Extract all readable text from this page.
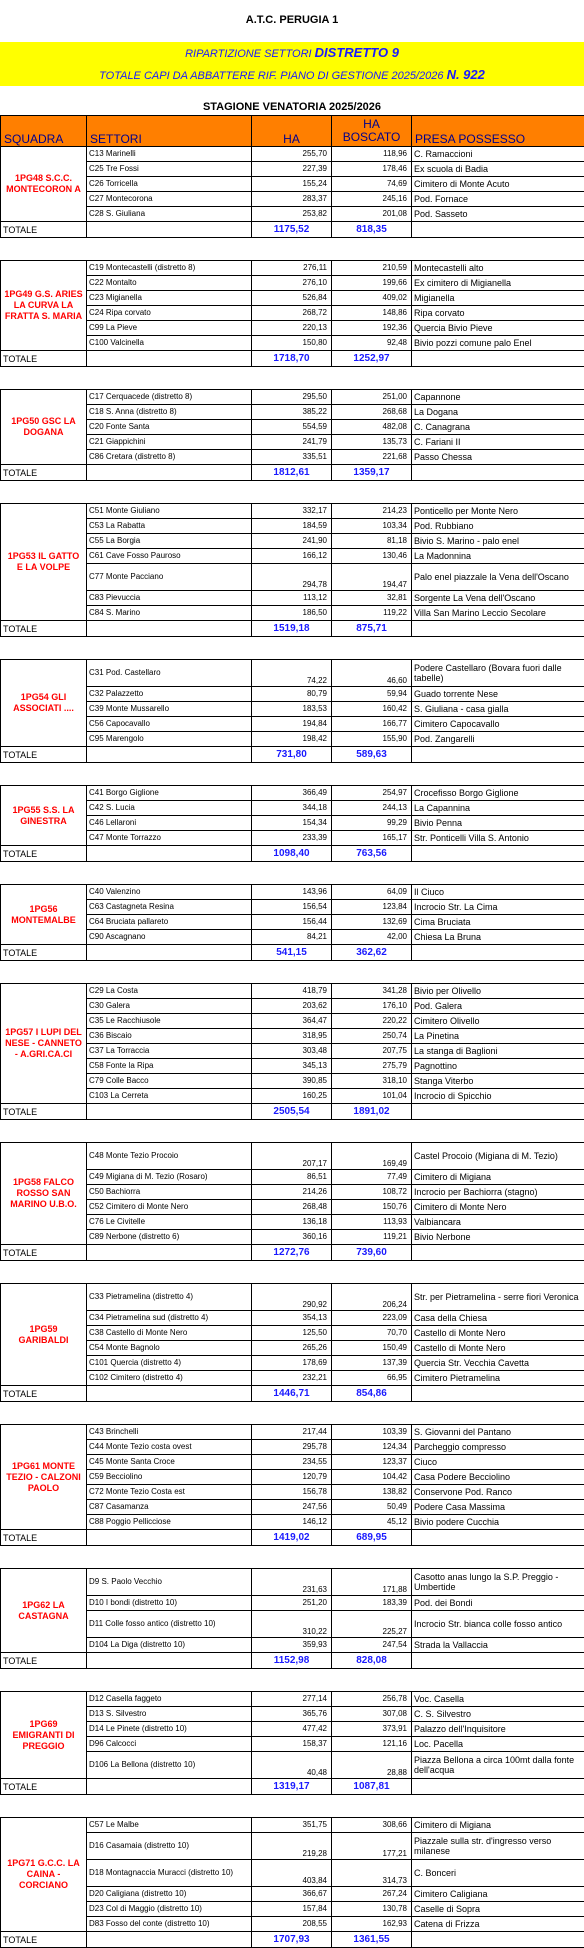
A.T.C. PERUGIA 1
RIPARTIZIONE SETTORI DISTRETTO 9
TOTALE CAPI DA ABBATTERE RIF. PIANO DI GESTIONE 2025/2026 N. 922
STAGIONE VENATORIA 2025/2026
SQUADRA	SETTORI	HA	HA BOSCATO	PRESA POSSESSO
1PG48 S.C.C. MONTECORON A	C13 Marinelli	255,70	118,96	C. Ramaccioni
	C25 Tre Fossi	227,39	178,46	Ex scuola di Badia
	C26 Torricella	155,24	74,69	Cimitero di Monte Acuto
	C27 Montecorona	283,37	245,16	Pod. Fornace
	C28 S. Giuliana	253,82	201,08	Pod. Sasseto
TOTALE		1175,52	818,35	

1PG49 G.S. ARIES LA CURVA LA FRATTA S. MARIA	C19 Montecastelli (distretto 8)	276,11	210,59	Montecastelli alto
	C22 Montalto	276,10	199,66	Ex cimitero di Migianella
	C23 Migianella	526,84	409,02	Migianella
	C24 Ripa corvato	268,72	148,86	Ripa corvato
	C99 La Pieve	220,13	192,36	Quercia Bivio Pieve
	C100 Valcinella	150,80	92,48	Bivio pozzi comune palo Enel
TOTALE		1718,70	1252,97	

1PG50 GSC LA DOGANA	C17 Cerquacede (distretto 8)	295,50	251,00	Capannone
	C18 S. Anna (distretto 8)	385,22	268,68	La Dogana
	C20 Fonte Santa	554,59	482,08	C. Canagrana
	C21 Giappichini	241,79	135,73	C. Fariani II
	C86 Cretara (distretto 8)	335,51	221,68	Passo Chessa
TOTALE		1812,61	1359,17	

1PG53 IL GATTO E LA VOLPE	C51 Monte Giuliano	332,17	214,23	Ponticello per Monte Nero
	C53 La Rabatta	184,59	103,34	Pod. Rubbiano
	C55 La Borgia	241,90	81,18	Bivio S. Marino - palo enel
	C61 Cave Fosso Pauroso	166,12	130,46	La Madonnina
	C77 Monte Pacciano	294,78	194,47	Palo enel piazzale la Vena dell'Oscano
	C83 Pievuccia	113,12	32,81	Sorgente La Vena dell'Oscano
	C84 S. Marino	186,50	119,22	Villa San Marino Leccio Secolare
TOTALE		1519,18	875,71	

1PG54 GLI ASSOCIATI ....	C31 Pod. Castellaro	74,22	46,60	Podere Castellaro (Bovara fuori dalle tabelle)
	C32 Palazzetto	80,79	59,94	Guado torrente Nese
	C39 Monte Mussarello	183,53	160,42	S. Giuliana - casa gialla
	C56 Capocavallo	194,84	166,77	Cimitero Capocavallo
	C95 Marengolo	198,42	155,90	Pod. Zangarelli
TOTALE		731,80	589,63	

1PG55 S.S. LA GINESTRA	C41 Borgo Giglione	366,49	254,97	Crocefisso Borgo Giglione
	C42 S. Lucia	344,18	244,13	La Capannina
	C46 Lellaroni	154,34	99,29	Bivio Penna
	C47 Monte Torrazzo	233,39	165,17	Str. Ponticelli Villa S. Antonio
TOTALE		1098,40	763,56	

1PG56 MONTEMALBE	C40 Valenzino	143,96	64,09	Il Ciuco
	C63 Castagneta Resina	156,54	123,84	Incrocio Str. La Cima
	C64 Bruciata pallareto	156,44	132,69	Cima Bruciata
	C90 Ascagnano	84,21	42,00	Chiesa La Bruna
TOTALE		541,15	362,62	

1PG57 I LUPI DEL NESE - CANNETO - A.GRI.CA.CI	C29 La Costa	418,79	341,28	Bivio per Olivello
	C30 Galera	203,62	176,10	Pod. Galera
	C35 Le Racchiusole	364,47	220,22	Cimitero Olivello
	C36 Biscaio	318,95	250,74	La Pinetina
	C37 La Torraccia	303,48	207,75	La stanga di Baglioni
	C58 Fonte la Ripa	345,13	275,79	Pagnottino
	C79 Colle Bacco	390,85	318,10	Stanga Viterbo
	C103 La Cerreta	160,25	101,04	Incrocio di Spicchio
TOTALE		2505,54	1891,02	

1PG58 FALCO ROSSO SAN MARINO U.B.O.	C48 Monte Tezio Procoio	207,17	169,49	Castel Procoio (Migiana di M. Tezio)
	C49 Migiana di M. Tezio (Rosaro)	86,51	77,49	Cimitero di Migiana
	C50 Bachiorra	214,26	108,72	Incrocio per Bachiorra (stagno)
	C52 Cimitero di Monte Nero	268,48	150,76	Cimitero di Monte Nero
	C76 Le Civitelle	136,18	113,93	Valbiancara
	C89 Nerbone (distretto 6)	360,16	119,21	Bivio Nerbone
TOTALE		1272,76	739,60	

1PG59 GARIBALDI	C33 Pietramelina (distretto 4)	290,92	206,24	Str. per Pietramelina - serre fiori Veronica
	C34 Pietramelina sud (distretto 4)	354,13	223,09	Casa della Chiesa
	C38 Castello di Monte Nero	125,50	70,70	Castello di Monte Nero
	C54 Monte Bagnolo	265,26	150,49	Castello di Monte Nero
	C101 Quercia (distretto 4)	178,69	137,39	Quercia Str. Vecchia Cavetta
	C102 Cimitero (distretto 4)	232,21	66,95	Cimitero Pietramelina
TOTALE		1446,71	854,86	

1PG61 MONTE TEZIO - CALZONI PAOLO	C43 Brinchelli	217,44	103,39	S. Giovanni del Pantano
	C44 Monte Tezio costa ovest	295,78	124,34	Parcheggio compresso
	C45 Monte Santa Croce	234,55	123,37	Ciuco
	C59 Becciolino	120,79	104,42	Casa Podere Becciolino
	C72 Monte Tezio Costa est	156,78	138,82	Conservone Pod. Ranco
	C87 Casamanza	247,56	50,49	Podere Casa Massima
	C88 Poggio Pellicciose	146,12	45,12	Bivio podere Cucchia
TOTALE		1419,02	689,95	

1PG62 LA CASTAGNA	D9 S. Paolo Vecchio	231,63	171,88	Casotto anas lungo la S.P. Preggio - Umbertide
	D10 I bondi (distretto 10)	251,20	183,39	Pod. dei Bondi
	D11 Colle fosso antico (distretto 10)	310,22	225,27	Incrocio Str. bianca colle fosso antico
	D104 La Diga (distretto 10)	359,93	247,54	Strada la Vallaccia
TOTALE		1152,98	828,08	

1PG69 EMIGRANTI DI PREGGIO	D12 Casella faggeto	277,14	256,78	Voc. Casella
	D13 S. Silvestro	365,76	307,08	C. S. Silvestro
	D14 Le Pinete (distretto 10)	477,42	373,91	Palazzo dell'Inquisitore
	D96 Calcocci	158,37	121,16	Loc. Pacella
	D106 La Bellona (distretto 10)	40,48	28,88	Piazza Bellona a circa 100mt dalla fonte dell'acqua
TOTALE		1319,17	1087,81	

1PG71 G.C.C. LA CAINA - CORCIANO	C57 Le Malbe	351,75	308,66	Cimitero di Migiana
	D16 Casamaia (distretto 10)	219,28	177,21	Piazzale sulla str. d'ingresso verso milanese
	D18 Montagnaccia Muracci (distretto 10)	403,84	314,73	C. Bonceri
	D20 Caligiana (distretto 10)	366,67	267,24	Cimitero Caligiana
	D23 Col di Maggio (distretto 10)	157,84	130,78	Caselle di Sopra
	D83 Fosso del conte (distretto 10)	208,55	162,93	Catena di Frizza
TOTALE		1707,93	1361,55	
